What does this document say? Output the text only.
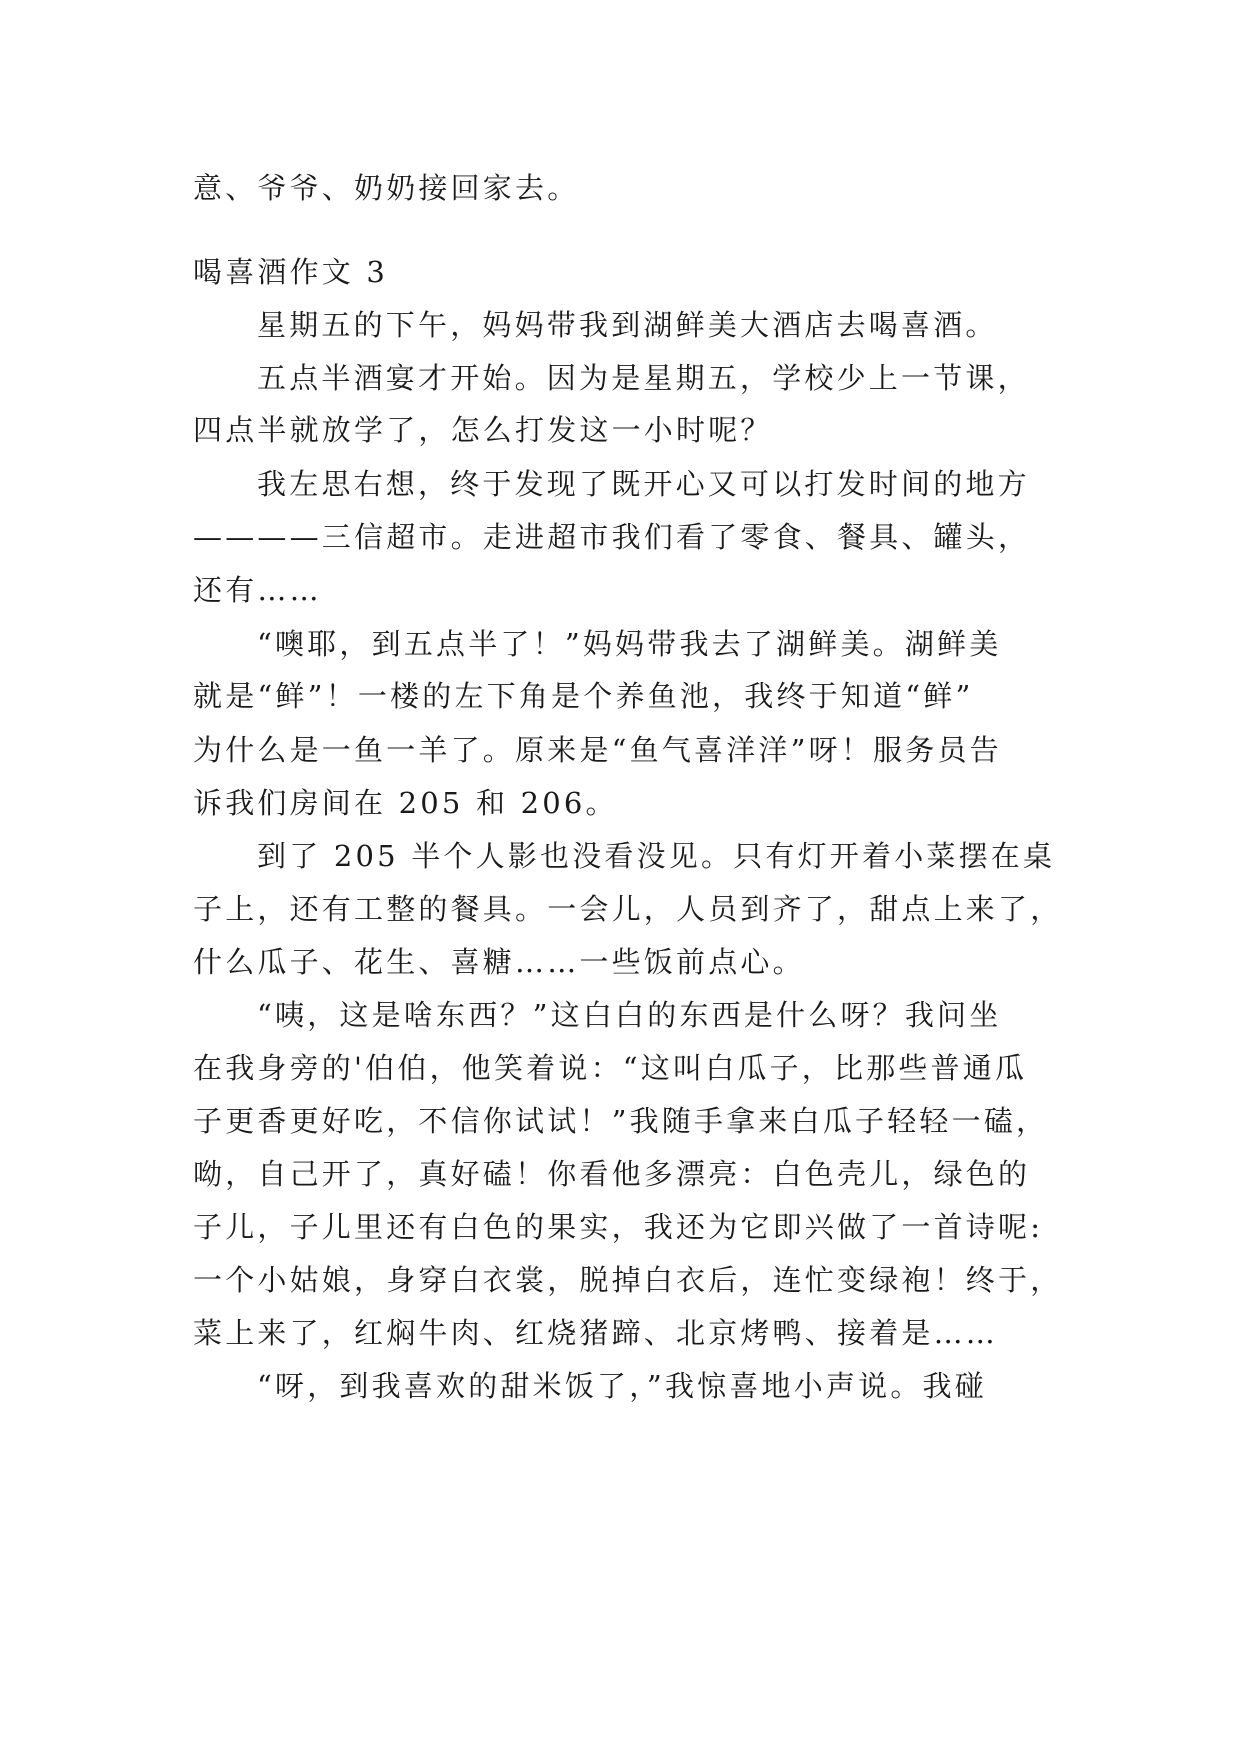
意、爷爷、奶奶接回家去。
喝喜酒作文 3
星期五的下午，妈妈带我到湖鲜美大酒店去喝喜酒。
五点半酒宴才开始。因为是星期五，学校少上一节课，
四点半就放学了，怎么打发这一小时呢？
我左思右想，终于发现了既开心又可以打发时间的地方
————三信超市。走进超市我们看了零食、餐具、罐头，
还有……
“噢耶，到五点半了！”妈妈带我去了湖鲜美。湖鲜美
就是“鲜”！一楼的左下角是个养鱼池，我终于知道“鲜”
为什么是一鱼一羊了。原来是“鱼气喜洋洋”呀！服务员告
诉我们房间在 205 和 206。
到了 205 半个人影也没看没见。只有灯开着小菜摆在桌
子上，还有工整的餐具。一会儿，人员到齐了，甜点上来了，
什么瓜子、花生、喜糖……一些饭前点心。
“咦，这是啥东西？”这白白的东西是什么呀？我问坐
在我身旁的'伯伯，他笑着说：“这叫白瓜子，比那些普通瓜
子更香更好吃，不信你试试！”我随手拿来白瓜子轻轻一磕，
呦，自己开了，真好磕！你看他多漂亮：白色壳儿，绿色的
子儿，子儿里还有白色的果实，我还为它即兴做了一首诗呢:
一个小姑娘，身穿白衣裳，脱掉白衣后，连忙变绿袍！终于，
菜上来了，红焖牛肉、红烧猪蹄、北京烤鸭、接着是……
“呀，到我喜欢的甜米饭了，”我惊喜地小声说。我碰
